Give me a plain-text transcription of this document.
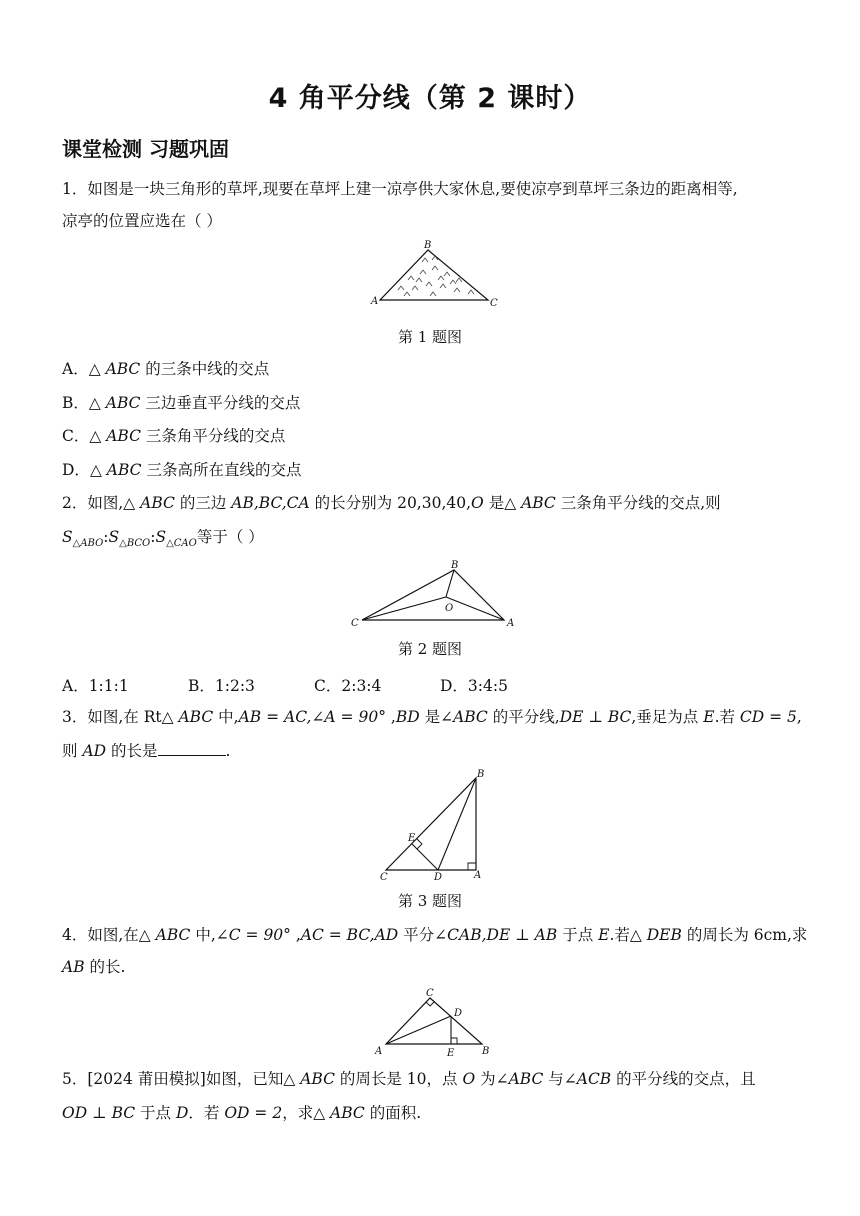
4 角平分线（第 2 课时）
课堂检测 习题巩固
1．如图是一块三角形的草坪,现要在草坪上建一凉亭供大家休息,要使凉亭到草坪三条边的距离相等,
凉亭的位置应选在（ ）
B
A	C
第 1 题图
A．△ ABC 的三条中线的交点
B．△ ABC 三边垂直平分线的交点
C．△ ABC 三条角平分线的交点
D．△ ABC 三条高所在直线的交点
2．如图,△ ABC 的三边 AB,BC,CA 的长分别为 20,30,40,O 是△ ABC 三条角平分线的交点,则
$S_{\triangle ABO}:S_{\triangle BCO}:S_{\triangle CAO}$等于（ ）
B
O
C	A
第 2 题图
A．1:1:1	B．1:2:3	C．2:3:4	D．3:4:5
3．如图,在 Rt△ ABC 中,AB = AC,∠A = 90° ,BD 是∠ABC 的平分线,DE ⊥ BC,垂足为点 E.若 CD = 5,
则 AD 的长是	.
B
E
C	D	A
第 3 题图
4．如图,在△ ABC 中,∠C = 90° ,AC = BC,AD 平分∠CAB,DE ⊥ AB 于点 E.若△ DEB 的周长为 6cm,求
AB 的长.
C
D
A	E	B
5．[2024 莆田模拟]如图，已知△ ABC 的周长是 10，点 O 为∠ABC 与∠ACB 的平分线的交点，且
OD ⊥ BC 于点 D．若 OD = 2，求△ ABC 的面积.
